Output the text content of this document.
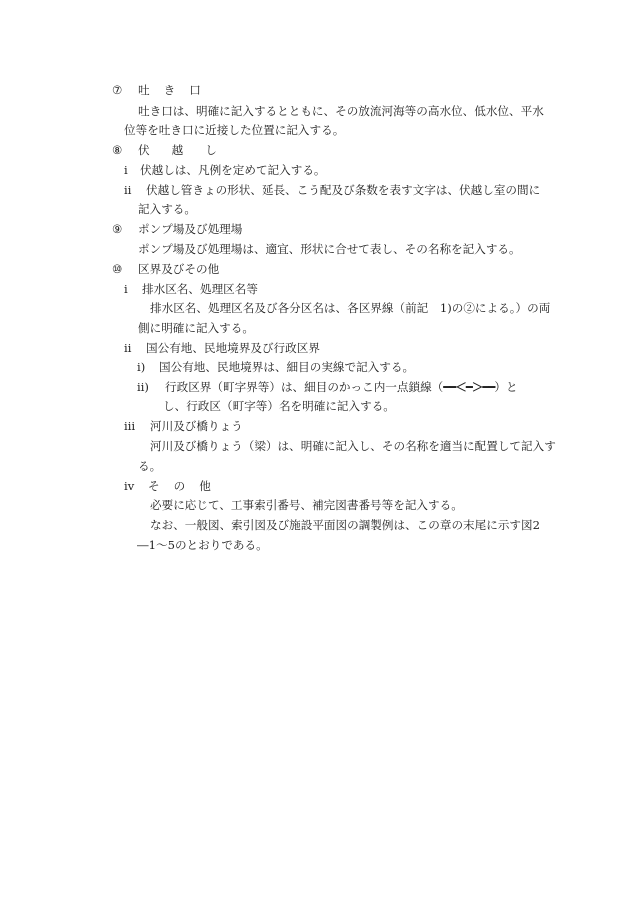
⑦ 吐 き 口
吐き口は、明確に記入するとともに、その放流河海等の高水位、低水位、平水
位等を吐き口に近接した位置に記入する。
⑧ 伏 越 し
ⅰ 伏越しは、凡例を定めて記入する。
ⅱ 伏越し管きょの形状、延長、こう配及び条数を表す文字は、伏越し室の間に
記入する。
⑨ ポンプ場及び処理場
ポンプ場及び処理場は、適宜、形状に合せて表し、その名称を記入する。
⑩ 区界及びその他
ⅰ 排水区名、処理区名等
排水区名、処理区名及び各分区名は、各区界線（前記　1)の②による。）の両
側に明確に記入する。
ⅱ 国公有地、民地境界及び行政区界
ⅰ) 国公有地、民地境界は、細目の実線で記入する。
ⅱ) 行政区界（町字界等）は、細目のかっこ内一点鎖線（━━＜━＞━━）と
し、行政区（町字等）名を明確に記入する。
ⅲ 河川及び橋りょう
河川及び橋りょう（梁）は、明確に記入し、その名称を適当に配置して記入す
る。
ⅳ そ の 他
必要に応じて、工事索引番号、補完図書番号等を記入する。
なお、一般図、索引図及び施設平面図の調製例は、この章の末尾に示す図2
―1～5のとおりである。
